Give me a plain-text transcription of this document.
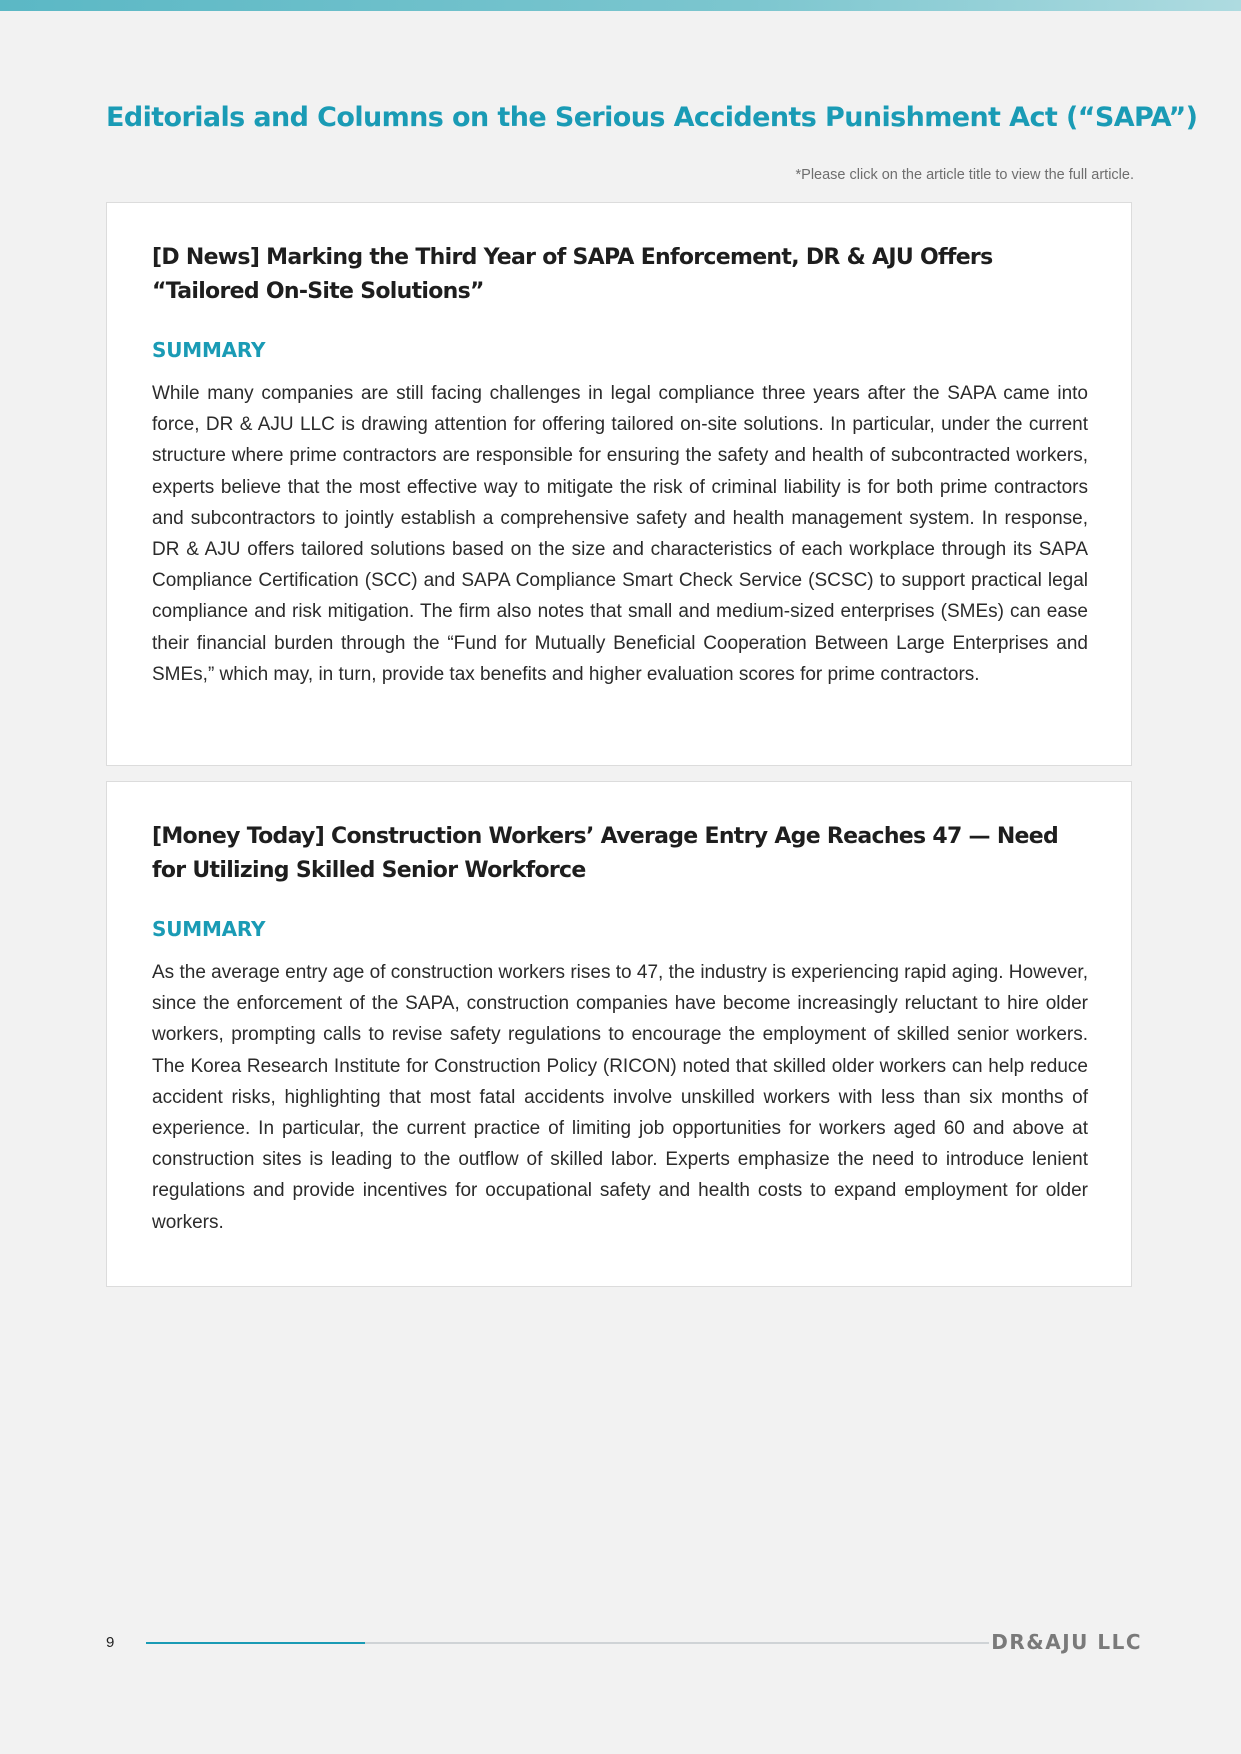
Editorials and Columns on the Serious Accidents Punishment Act (“SAPA”)
*Please click on the article title to view the full article.
[D News] Marking the Third Year of SAPA Enforcement, DR & AJU Offers “Tailored On-Site Solutions”
SUMMARY

While many companies are still facing challenges in legal compliance three years after the SAPA came into force, DR & AJU LLC is drawing attention for offering tailored on-site solutions. In particular, under the current structure where prime contractors are responsible for ensuring the safety and health of subcontracted workers, experts believe that the most effective way to mitigate the risk of criminal liability is for both prime contractors and subcontractors to jointly establish a comprehensive safety and health management system. In response, DR & AJU offers tailored solutions based on the size and characteristics of each workplace through its SAPA Compliance Certification (SCC) and SAPA Compliance Smart Check Service (SCSC) to support practical legal compliance and risk mitigation. The firm also notes that small and medium-sized enterprises (SMEs) can ease their financial burden through the “Fund for Mutually Beneficial Cooperation Between Large Enterprises and SMEs,” which may, in turn, provide tax benefits and higher evaluation scores for prime contractors.

[Money Today] Construction Workers’ Average Entry Age Reaches 47 — Need for Utilizing Skilled Senior Workforce
SUMMARY

As the average entry age of construction workers rises to 47, the industry is experiencing rapid aging. However, since the enforcement of the SAPA, construction companies have become increasingly reluctant to hire older workers, prompting calls to revise safety regulations to encourage the employment of skilled senior workers. The Korea Research Institute for Construction Policy (RICON) noted that skilled older workers can help reduce accident risks, highlighting that most fatal accidents involve unskilled workers with less than six months of experience. In particular, the current practice of limiting job opportunities for workers aged 60 and above at construction sites is leading to the outflow of skilled labor. Experts emphasize the need to introduce lenient regulations and provide incentives for occupational safety and health costs to expand employment for older workers.

9	DR&AJU LLC
